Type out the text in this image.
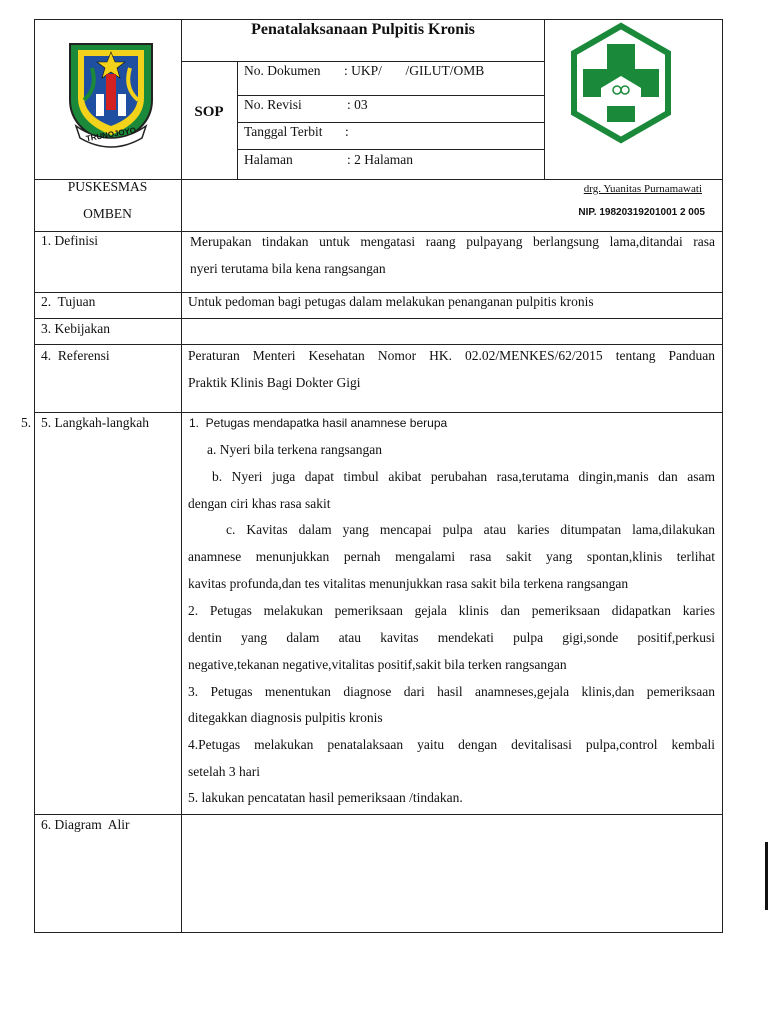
TRUNOJOYO
Penatalaksanaan Pulpitis Kronis
SOP
No. Dokumen : UKP/       /GILUT/OMB
No. Revisi	: 03
Tanggal Terbit :
Halaman	: 2 Halaman
PUSKESMAS
OMBEN
drg. Yuanitas Purnamawati
NIP. 19820319201001 2 005
1. Definisi	Merupakan tindakan untuk mengatasi raang pulpayang berlangsung lama,ditandai rasa
nyeri terutama bila kena rangsangan
2.  Tujuan	Untuk pedoman bagi petugas dalam melakukan penanganan pulpitis kronis
3. Kebijakan
4.  Referensi	Peraturan  Menteri  Kesehatan  Nomor  HK.  02.02/MENKES/62/2015  tentang  Panduan
Praktik Klinis Bagi Dokter Gigi
5. 5. Langkah-langkah	1.  Petugas mendapatka hasil anamnese berupa
a. Nyeri bila terkena rangsangan
b. Nyeri juga dapat timbul akibat perubahan rasa,terutama dingin,manis dan asam
dengan ciri khas rasa sakit
c. Kavitas dalam yang mencapai pulpa atau karies ditumpatan lama,dilakukan
anamnese menunjukkan pernah mengalami rasa sakit yang spontan,klinis terlihat
kavitas profunda,dan tes vitalitas menunjukkan rasa sakit bila terkena rangsangan
2. Petugas melakukan pemeriksaan gejala klinis dan pemeriksaan didapatkan karies
dentin  yang  dalam  atau  kavitas  mendekati  pulpa  gigi,sonde  positif,perkusi
negative,tekanan negative,vitalitas positif,sakit bila terken rangsangan
3. Petugas menentukan diagnose dari hasil anamneses,gejala klinis,dan pemeriksaan
ditegakkan diagnosis pulpitis kronis
4.Petugas melakukan penatalaksaan yaitu dengan devitalisasi pulpa,control kembali
setelah 3 hari
5. lakukan pencatatan hasil pemeriksaan /tindakan.
6. Diagram  Alir
